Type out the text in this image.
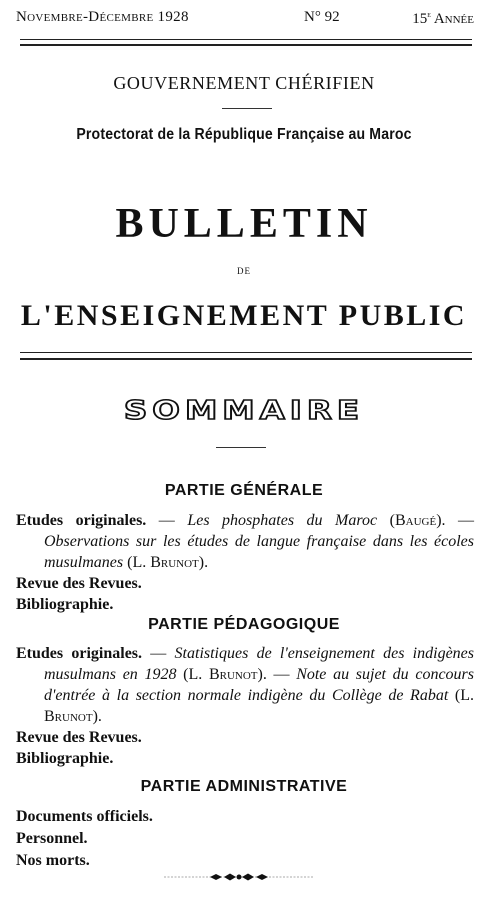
Novembre-Décembre 1928	N° 92	15e Année
GOUVERNEMENT CHÉRIFIEN
Protectorat de la République Française au Maroc
BULLETIN
DE
L'ENSEIGNEMENT PUBLIC
SOMMAIRE
PARTIE GÉNÉRALE
Etudes originales. — Les phosphates du Maroc (Baugé). — Observations sur les études de langue française dans les écoles musulmanes (L. Brunot).
Revue des Revues.
Bibliographie.
PARTIE PÉDAGOGIQUE
Etudes originales. — Statistiques de l'enseignement des indigènes musulmans en 1928 (L. Brunot). — Note au sujet du concours d'entrée à la section normale indigène du Collège de Rabat (L. Brunot).
Revue des Revues.
Bibliographie.
PARTIE ADMINISTRATIVE
Documents officiels.
Personnel.
Nos morts.
